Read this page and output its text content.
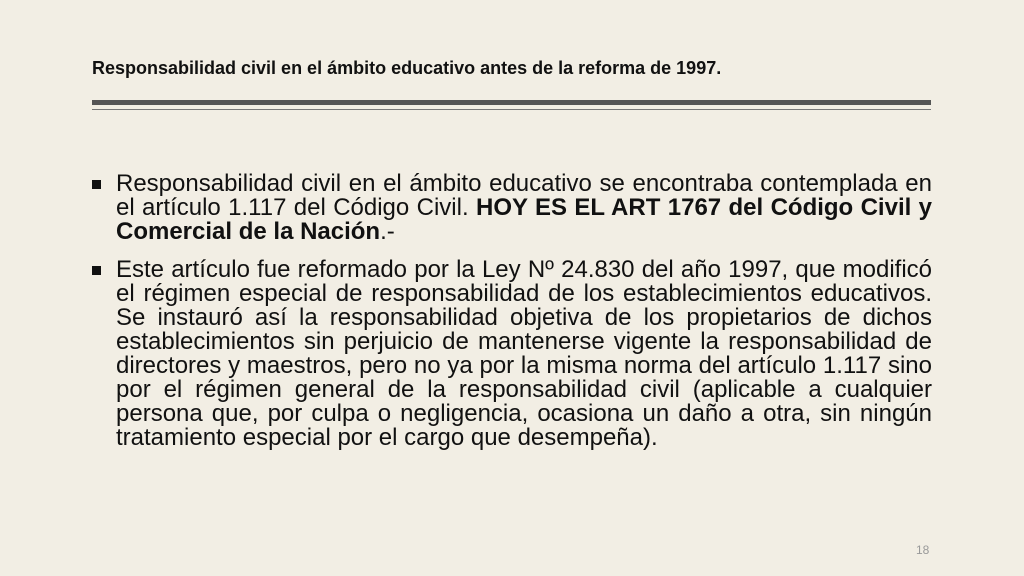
Responsabilidad civil en el ámbito educativo antes de la reforma de 1997.
Responsabilidad civil en el ámbito educativo se encontraba contemplada en el artículo 1.117 del Código Civil. HOY ES EL ART 1767 del Código Civil y Comercial de la Nación.-
Este artículo fue reformado por la Ley Nº 24.830 del año 1997, que modificó el régimen especial de responsabilidad de los establecimientos educativos. Se instauró así la responsabilidad objetiva de los propietarios de dichos establecimientos sin perjuicio de mantenerse vigente la responsabilidad de directores y maestros, pero no ya por la misma norma del artículo 1.117 sino por el régimen general de la responsabilidad civil (aplicable a cualquier persona que, por culpa o negligencia, ocasiona un daño a otra, sin ningún tratamiento especial por el cargo que desempeña).
18
